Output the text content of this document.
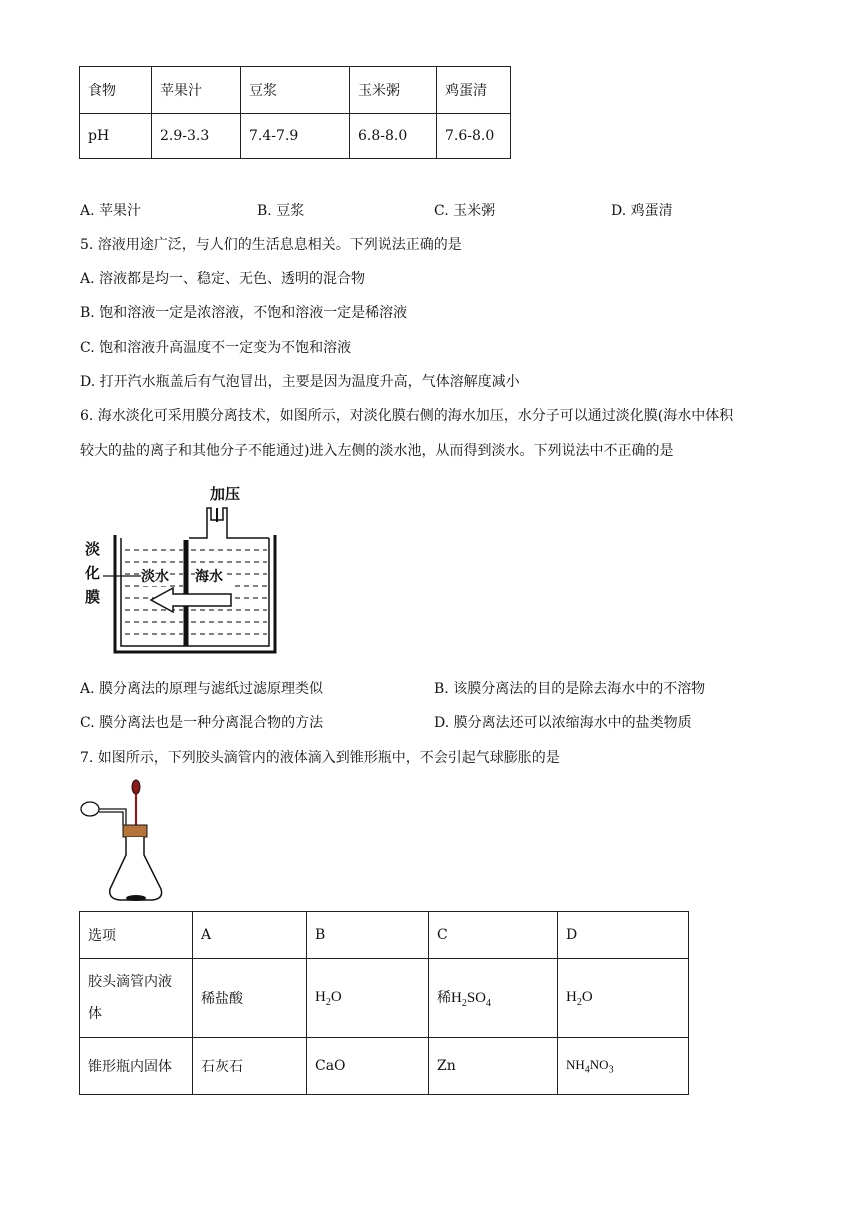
食物	苹果汁	豆浆	玉米粥	鸡蛋清
pH	2.9-3.3	7.4-7.9	6.8-8.0	7.6-8.0
A. 苹果汁	B. 豆浆	C. 玉米粥	D. 鸡蛋清
5. 溶液用途广泛，与人们的生活息息相关。下列说法正确的是
A. 溶液都是均一、稳定、无色、透明的混合物
B. 饱和溶液一定是浓溶液，不饱和溶液一定是稀溶液
C. 饱和溶液升高温度不一定变为不饱和溶液
D. 打开汽水瓶盖后有气泡冒出，主要是因为温度升高，气体溶解度减小
6. 海水淡化可采用膜分离技术，如图所示，对淡化膜右侧的海水加压，水分子可以通过淡化膜(海水中体积
较大的盐的离子和其他分子不能通过)进入左侧的淡水池，从而得到淡水。下列说法中不正确的是
加压
淡
化
膜
淡水 海水
A. 膜分离法的原理与滤纸过滤原理类似	B. 该膜分离法的目的是除去海水中的不溶物
C. 膜分离法也是一种分离混合物的方法	D. 膜分离法还可以浓缩海水中的盐类物质
7. 如图所示，下列胶头滴管内的液体滴入到锥形瓶中，不会引起气球膨胀的是
选项	A	B	C	D
胶头滴管内液
体	稀盐酸	$H_2O$	稀$H_2SO_4$	$H_2O$
锥形瓶内固体	石灰石	CaO	Zn	$NH_4NO_3$
